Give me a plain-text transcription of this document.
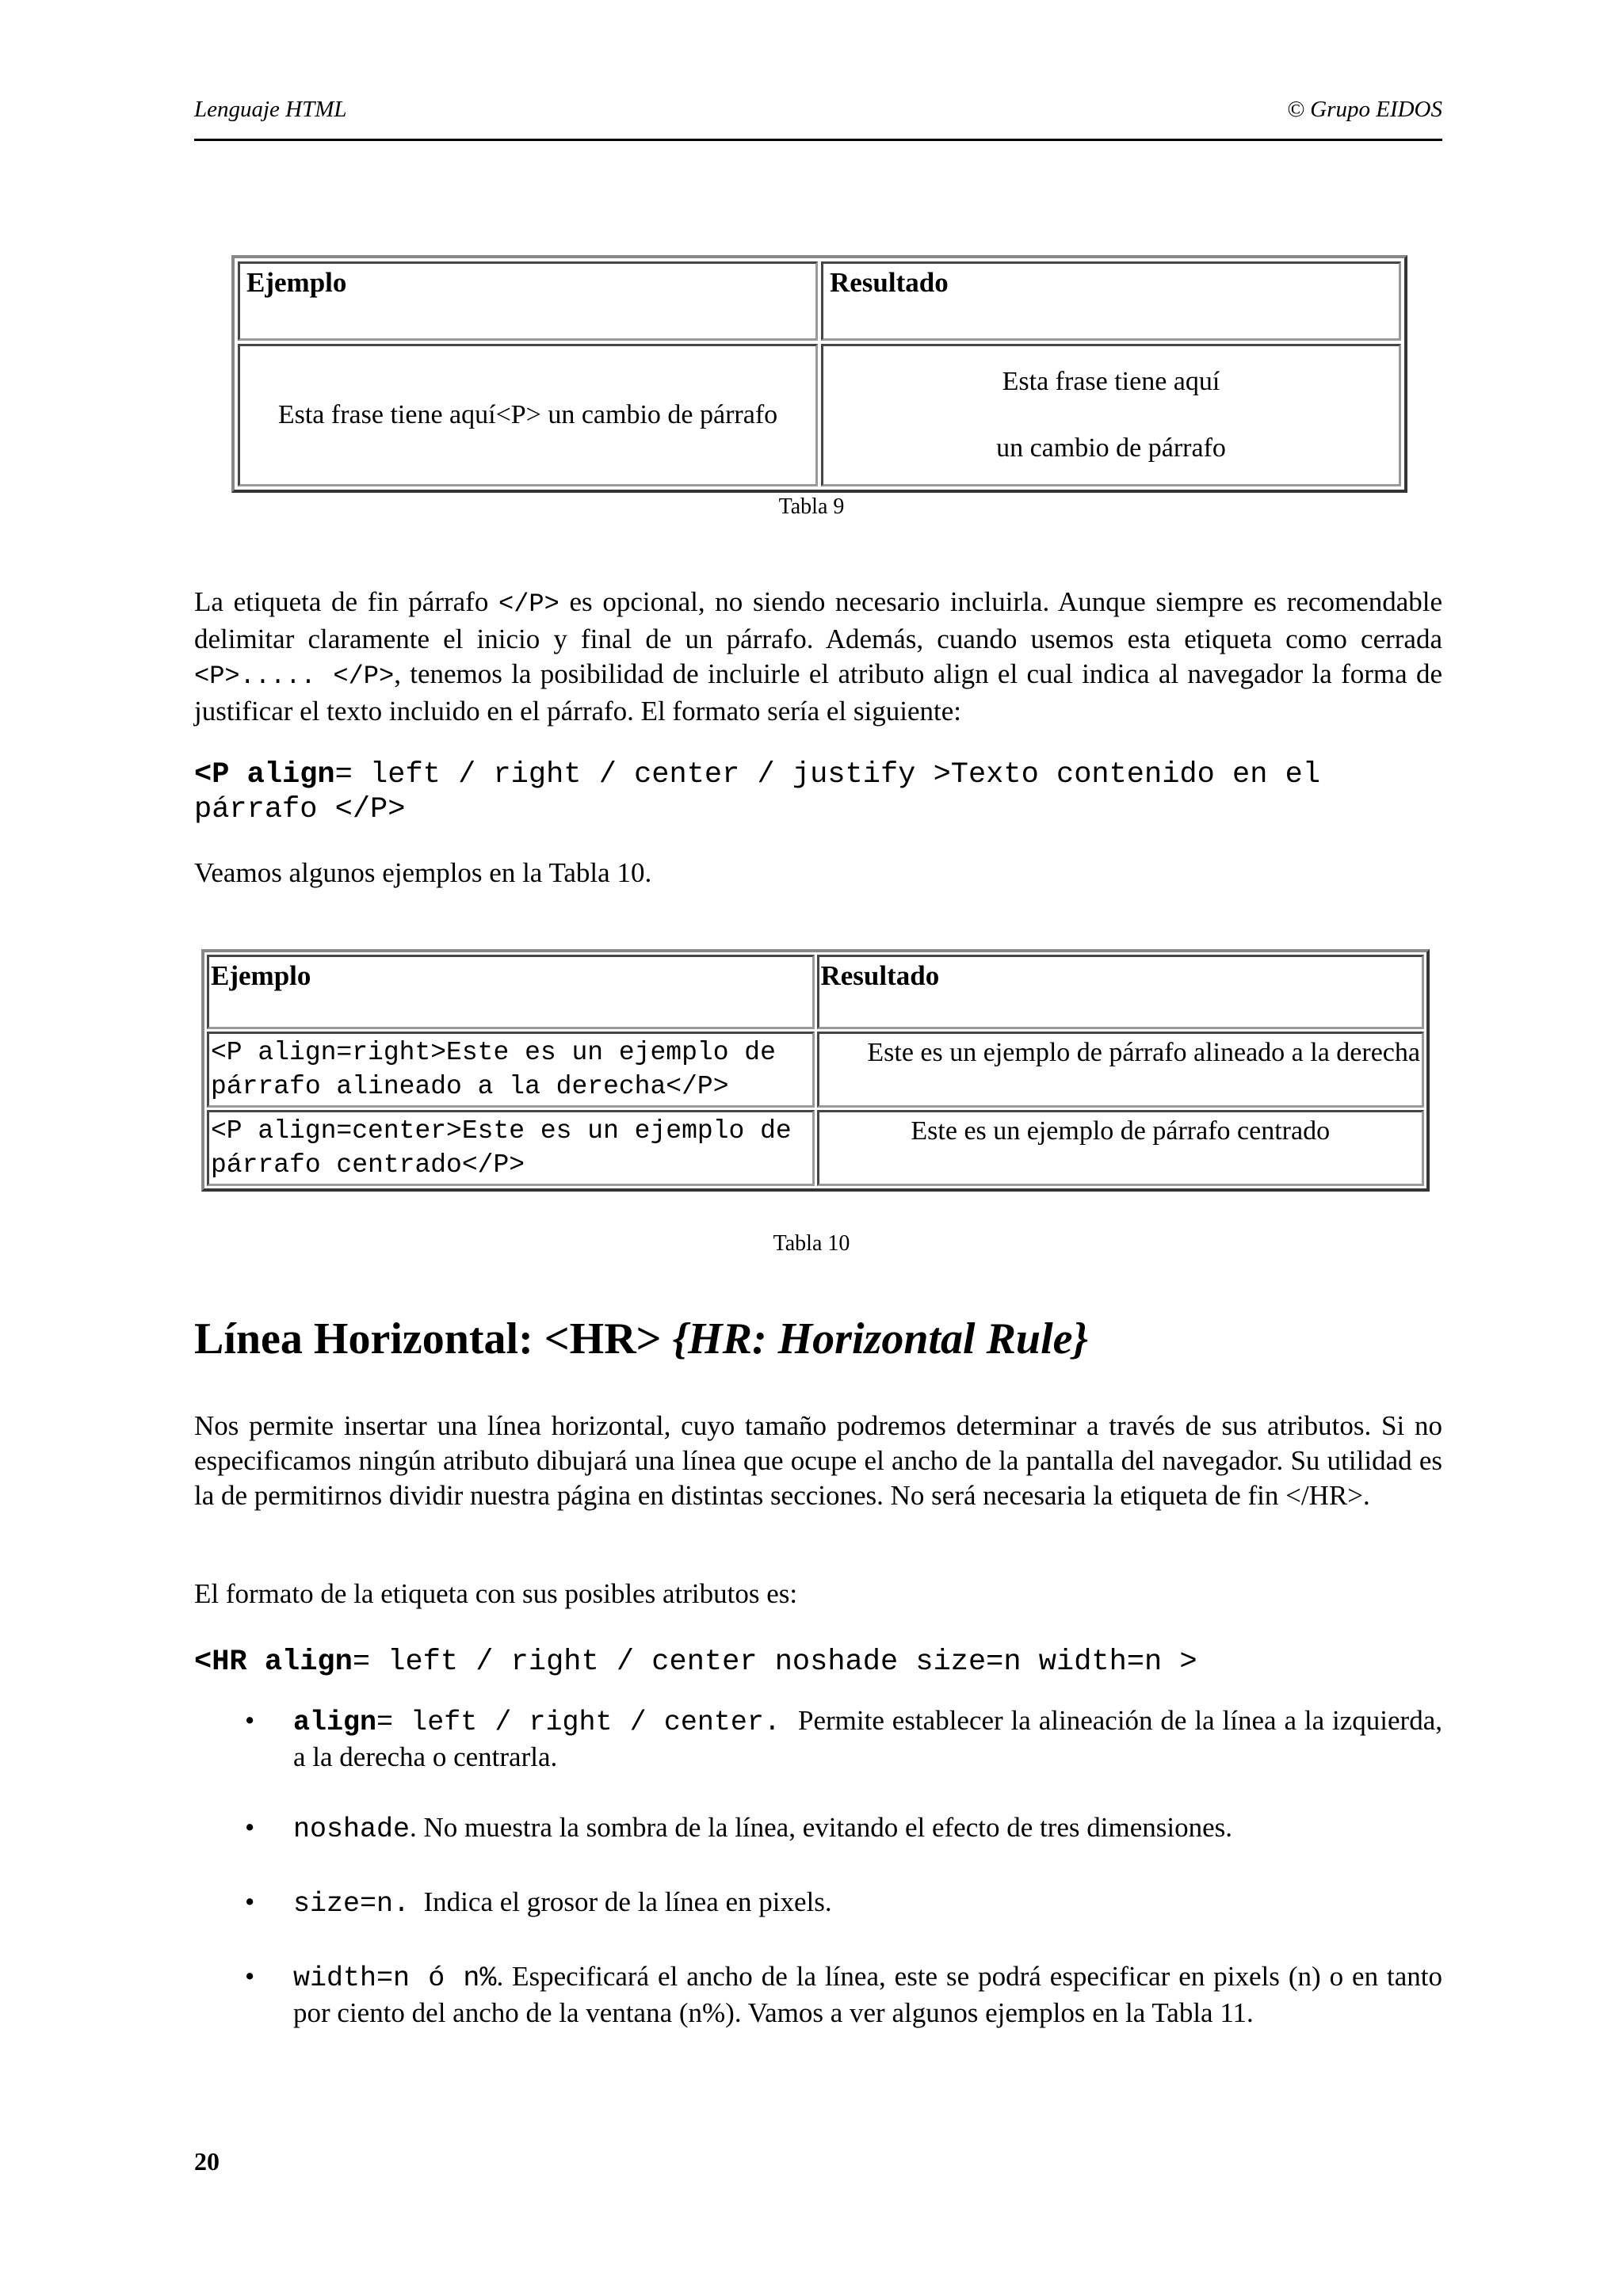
Lenguaje HTML	© Grupo EIDOS
Ejemplo	Resultado
Esta frase tiene aquí<P> un cambio de párrafo	Esta frase tiene aquí
un cambio de párrafo
Tabla 9
La etiqueta de fin párrafo </P> es opcional, no siendo necesario incluirla. Aunque siempre es recomendable delimitar claramente el inicio y final de un párrafo. Además, cuando usemos esta etiqueta como cerrada <P>..... </P>, tenemos la posibilidad de incluirle el atributo align el cual indica al navegador la forma de justificar el texto incluido en el párrafo. El formato sería el siguiente:
<P align= left / right / center / justify >Texto contenido en el
párrafo </P>
Veamos algunos ejemplos en la Tabla 10.
Ejemplo	Resultado
<P align=right>Este es un ejemplo de párrafo alineado a la derecha</P>	Este es un ejemplo de párrafo alineado a la derecha
<P align=center>Este es un ejemplo de párrafo centrado</P>	Este es un ejemplo de párrafo centrado
Tabla 10
Línea Horizontal: <HR> {HR: Horizontal Rule}
Nos permite insertar una línea horizontal, cuyo tamaño podremos determinar a través de sus atributos. Si no especificamos ningún atributo dibujará una línea que ocupe el ancho de la pantalla del navegador. Su utilidad es la de permitirnos dividir nuestra página en distintas secciones. No será necesaria la etiqueta de fin </HR>.
El formato de la etiqueta con sus posibles atributos es:
<HR align= left / right / center noshade size=n width=n >
• align= left / right / center. Permite establecer la alineación de la línea a la izquierda, a la derecha o centrarla.
• noshade. No muestra la sombra de la línea, evitando el efecto de tres dimensiones.
• size=n.  Indica el grosor de la línea en pixels.
• width=n ó n%. Especificará el ancho de la línea, este se podrá especificar en pixels (n) o en tanto por ciento del ancho de la ventana (n%). Vamos a ver algunos ejemplos en la Tabla 11.
20
